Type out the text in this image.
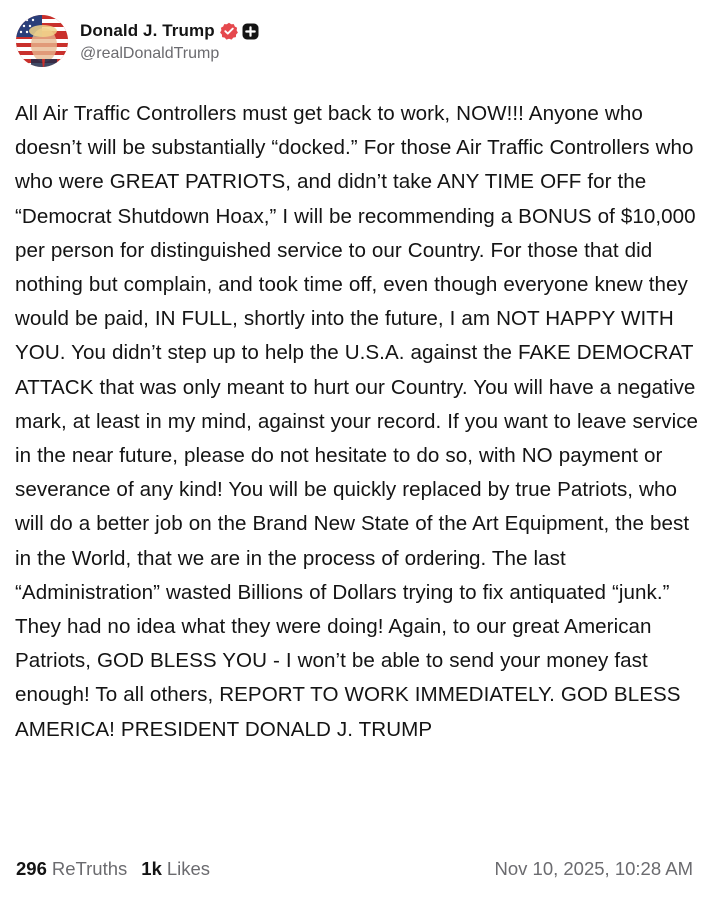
Donald J. Trump
@realDonaldTrump

All Air Traffic Controllers must get back to work, NOW!!! Anyone who doesn’t will be substantially “docked.” For those Air Traffic Controllers who who were GREAT PATRIOTS, and didn’t take ANY TIME OFF for the “Democrat Shutdown Hoax,” I will be recommending a BONUS of $10,000 per person for distinguished service to our Country. For those that did nothing but complain, and took time off, even though everyone knew they would be paid, IN FULL, shortly into the future, I am NOT HAPPY WITH YOU. You didn’t step up to help the U.S.A. against the FAKE DEMOCRAT ATTACK that was only meant to hurt our Country. You will have a negative mark, at least in my mind, against your record. If you want to leave service in the near future, please do not hesitate to do so, with NO payment or severance of any kind! You will be quickly replaced by true Patriots, who will do a better job on the Brand New State of the Art Equipment, the best in the World, that we are in the process of ordering. The last “Administration” wasted Billions of Dollars trying to fix antiquated “junk.” They had no idea what they were doing! Again, to our great American Patriots, GOD BLESS YOU - I won’t be able to send your money fast enough! To all others, REPORT TO WORK IMMEDIATELY. GOD BLESS AMERICA! PRESIDENT DONALD J. TRUMP

296 ReTruths 1k Likes	Nov 10, 2025, 10:28 AM
